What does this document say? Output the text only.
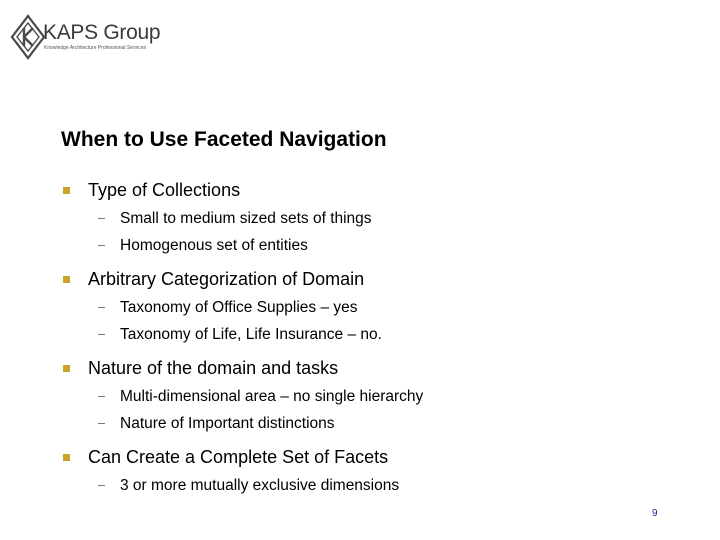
KAPS Group
Knowledge Architecture Professional Services
When to Use Faceted Navigation
Type of Collections
Small to medium sized sets of things
Homogenous set of entities
Arbitrary Categorization of Domain
Taxonomy of Office Supplies – yes
Taxonomy of Life, Life Insurance – no.
Nature of the domain and tasks
Multi-dimensional area – no single hierarchy
Nature of Important distinctions
Can Create a Complete Set of Facets
3 or more mutually exclusive dimensions
9
